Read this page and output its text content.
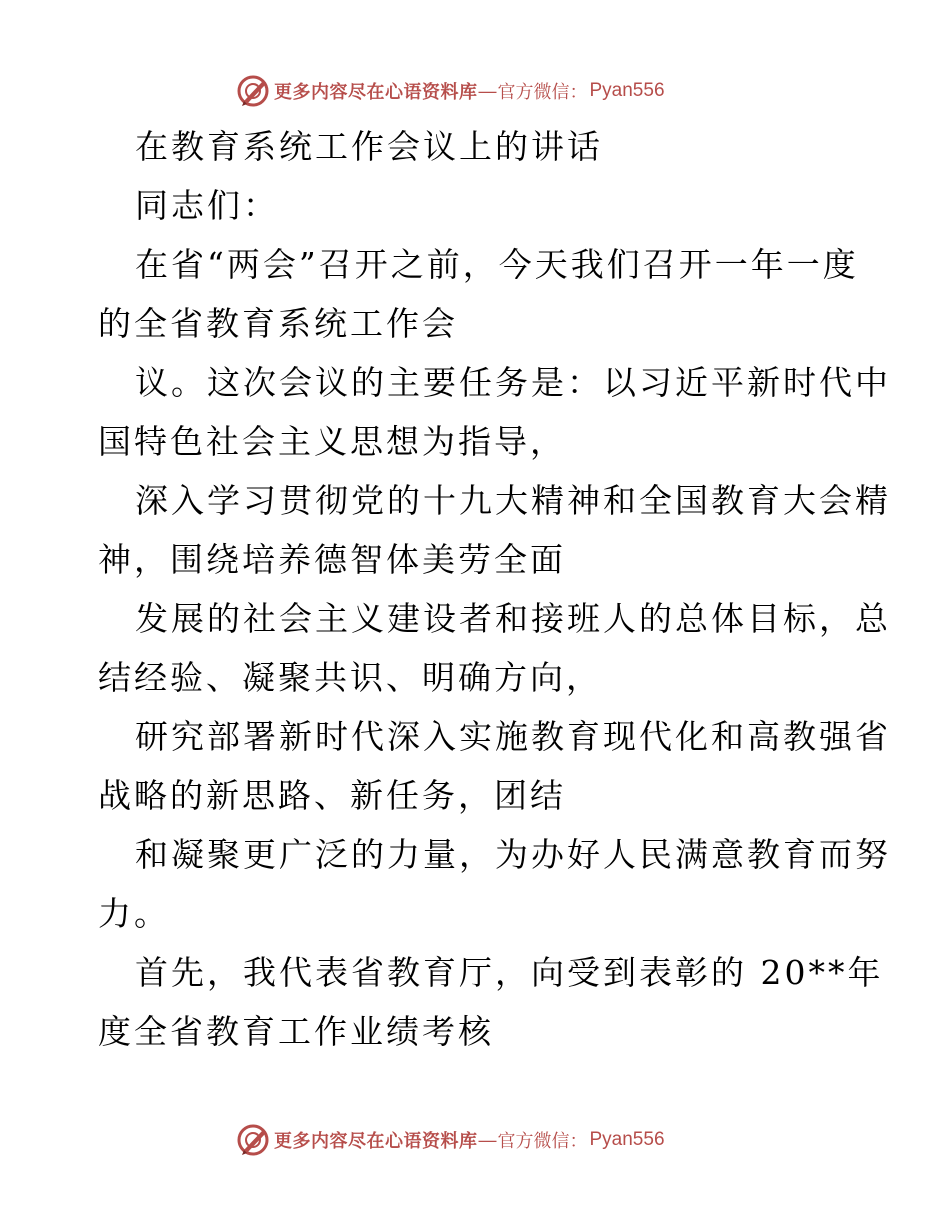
更多内容尽在心语资料库 — 官方微信： Pyan556
在教育系统工作会议上的讲话
同志们：
在省“两会”召开之前，今天我们召开一年一度
的全省教育系统工作会
议。这次会议的主要任务是：以习近平新时代中
国特色社会主义思想为指导，
深入学习贯彻党的十九大精神和全国教育大会精
神，围绕培养德智体美劳全面
发展的社会主义建设者和接班人的总体目标，总
结经验、凝聚共识、明确方向，
研究部署新时代深入实施教育现代化和高教强省
战略的新思路、新任务，团结
和凝聚更广泛的力量，为办好人民满意教育而努
力。
首先，我代表省教育厅，向受到表彰的 20**年
度全省教育工作业绩考核
更多内容尽在心语资料库 — 官方微信： Pyan556
